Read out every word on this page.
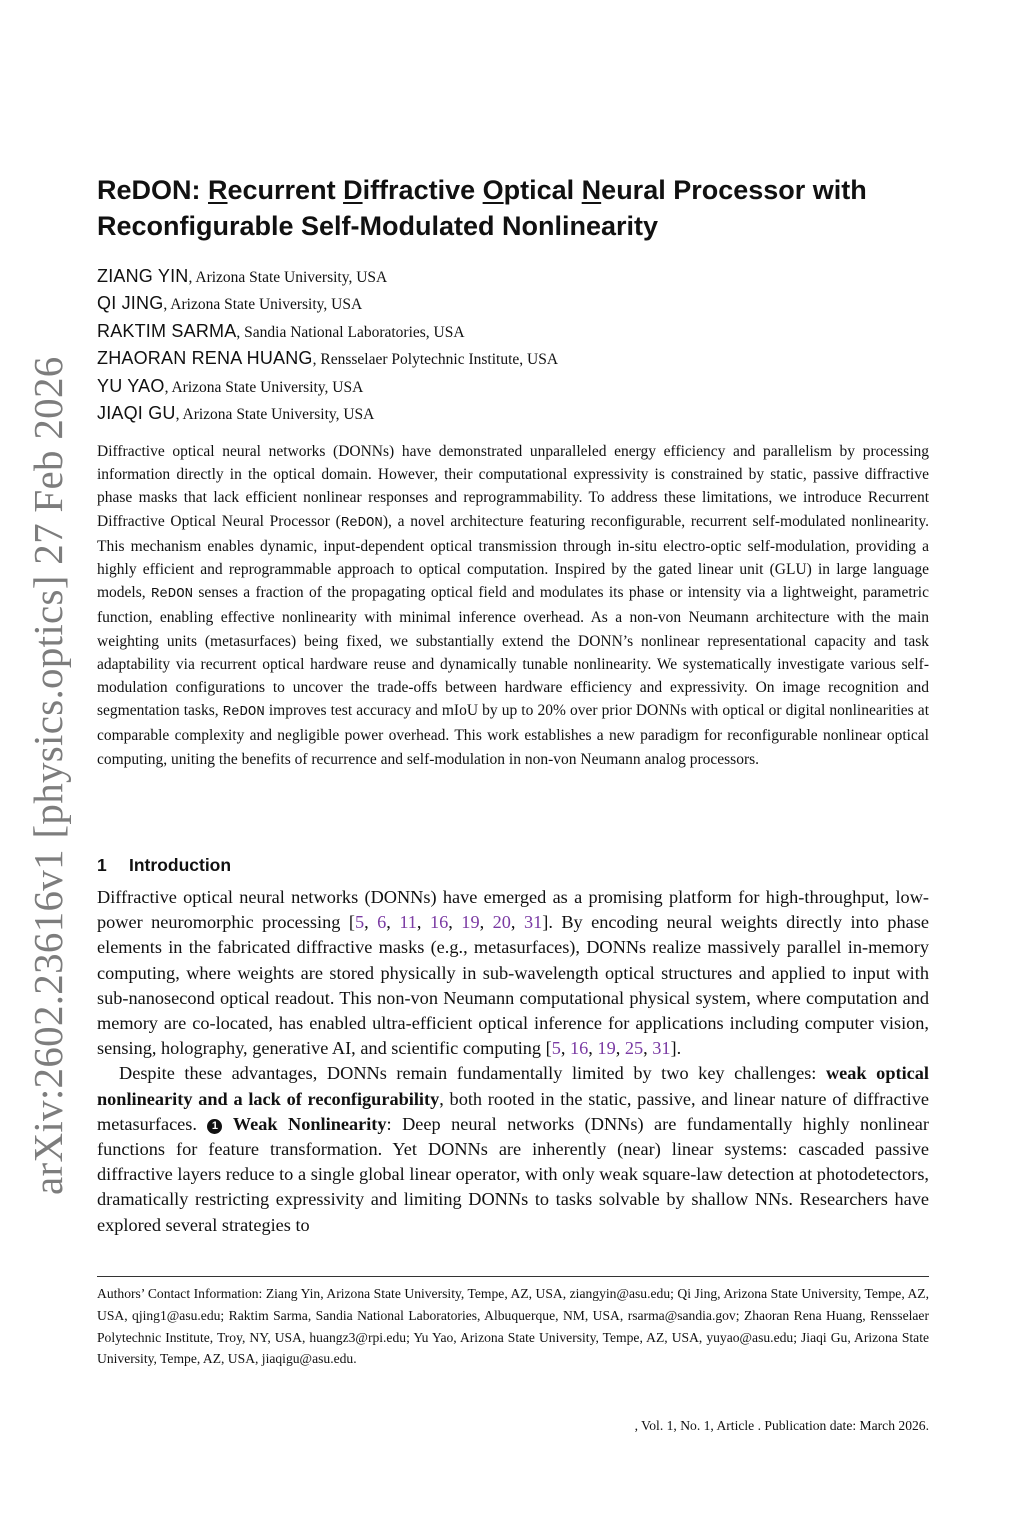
arXiv:2602.23616v1 [physics.optics] 27 Feb 2026
ReDON: Recurrent Diffractive Optical Neural Processor with
Reconfigurable Self-Modulated Nonlinearity
ZIANG YIN, Arizona State University, USA
QI JING, Arizona State University, USA
RAKTIM SARMA, Sandia National Laboratories, USA
ZHAORAN RENA HUANG, Rensselaer Polytechnic Institute, USA
YU YAO, Arizona State University, USA
JIAQI GU, Arizona State University, USA
Diffractive optical neural networks (DONNs) have demonstrated unparalleled energy efficiency and parallelism by processing information directly in the optical domain. However, their computational expressivity is constrained by static, passive diffractive phase masks that lack efficient nonlinear responses and reprogrammability. To address these limitations, we introduce Recurrent Diffractive Optical Neural Processor (ReDON), a novel architecture featuring reconfigurable, recurrent self-modulated nonlinearity. This mechanism enables dynamic, input-dependent optical transmission through in-situ electro-optic self-modulation, providing a highly efficient and reprogrammable approach to optical computation. Inspired by the gated linear unit (GLU) in large language models, ReDON senses a fraction of the propagating optical field and modulates its phase or intensity via a lightweight, parametric function, enabling effective nonlinearity with minimal inference overhead. As a non-von Neumann architecture with the main weighting units (metasurfaces) being fixed, we substantially extend the DONN’s nonlinear representational capacity and task adaptability via recurrent optical hardware reuse and dynamically tunable nonlinearity. We systematically investigate various self-modulation configurations to uncover the trade-offs between hardware efficiency and expressivity. On image recognition and segmentation tasks, ReDON improves test accuracy and mIoU by up to 20% over prior DONNs with optical or digital nonlinearities at comparable complexity and negligible power overhead. This work establishes a new paradigm for reconfigurable nonlinear optical computing, uniting the benefits of recurrence and self-modulation in non-von Neumann analog processors.
1 Introduction

Diffractive optical neural networks (DONNs) have emerged as a promising platform for high-throughput, low-power neuromorphic processing [5, 6, 11, 16, 19, 20, 31]. By encoding neural weights directly into phase elements in the fabricated diffractive masks (e.g., metasurfaces), DONNs realize massively parallel in-memory computing, where weights are stored physically in sub-wavelength optical structures and applied to input with sub-nanosecond optical readout. This non-von Neumann computational physical system, where computation and memory are co-located, has enabled ultra-efficient optical inference for applications including computer vision, sensing, holography, generative AI, and scientific computing [5, 16, 19, 25, 31].

Despite these advantages, DONNs remain fundamentally limited by two key challenges: weak optical nonlinearity and a lack of reconfigurability, both rooted in the static, passive, and linear nature of diffractive metasurfaces. 1 Weak Nonlinearity: Deep neural networks (DNNs) are fundamentally highly nonlinear functions for feature transformation. Yet DONNs are inherently (near) linear systems: cascaded passive diffractive layers reduce to a single global linear operator, with only weak square-law detection at photodetectors, dramatically restricting expressivity and limiting DONNs to tasks solvable by shallow NNs. Researchers have explored several strategies to

Authors’ Contact Information: Ziang Yin, Arizona State University, Tempe, AZ, USA, ziangyin@asu.edu; Qi Jing, Arizona State University, Tempe, AZ, USA, qjing1@asu.edu; Raktim Sarma, Sandia National Laboratories, Albuquerque, NM, USA, rsarma@sandia.gov; Zhaoran Rena Huang, Rensselaer Polytechnic Institute, Troy, NY, USA, huangz3@rpi.edu; Yu Yao, Arizona State University, Tempe, AZ, USA, yuyao@asu.edu; Jiaqi Gu, Arizona State University, Tempe, AZ, USA, jiaqigu@asu.edu.
, Vol. 1, No. 1, Article . Publication date: March 2026.
